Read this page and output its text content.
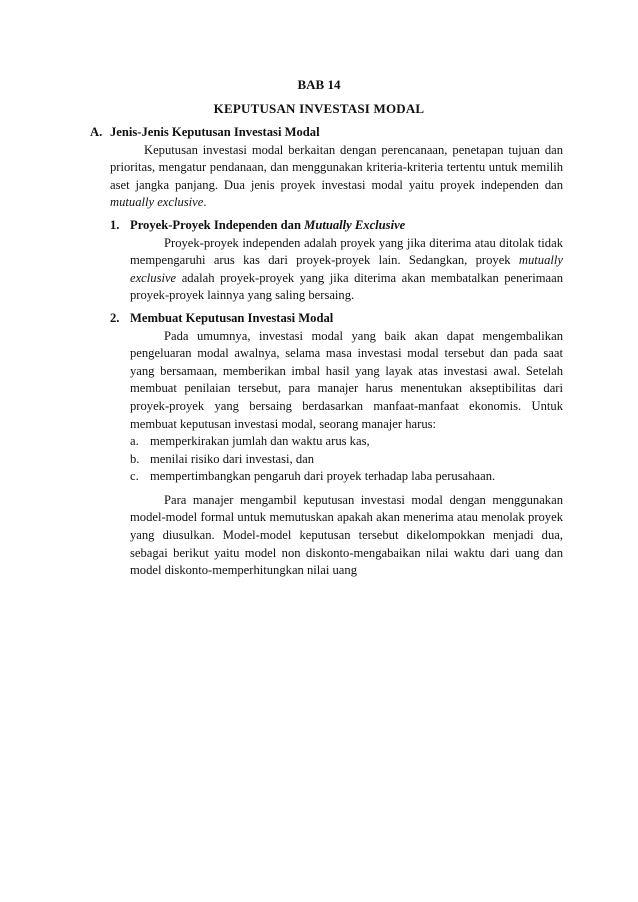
BAB 14
KEPUTUSAN INVESTASI MODAL
A. Jenis-Jenis Keputusan Investasi Modal
Keputusan investasi modal berkaitan dengan perencanaan, penetapan tujuan dan prioritas, mengatur pendanaan, dan menggunakan kriteria-kriteria tertentu untuk memilih aset jangka panjang. Dua jenis proyek investasi modal yaitu proyek independen dan mutually exclusive.
1. Proyek-Proyek Independen dan Mutually Exclusive
Proyek-proyek independen adalah proyek yang jika diterima atau ditolak tidak mempengaruhi arus kas dari proyek-proyek lain. Sedangkan, proyek mutually exclusive adalah proyek-proyek yang jika diterima akan membatalkan penerimaan proyek-proyek lainnya yang saling bersaing.
2. Membuat Keputusan Investasi Modal
Pada umumnya, investasi modal yang baik akan dapat mengembalikan pengeluaran modal awalnya, selama masa investasi modal tersebut dan pada saat yang bersamaan, memberikan imbal hasil yang layak atas investasi awal. Setelah membuat penilaian tersebut, para manajer harus menentukan akseptibilitas dari proyek-proyek yang bersaing berdasarkan manfaat-manfaat ekonomis. Untuk membuat keputusan investasi modal, seorang manajer harus:
a. memperkirakan jumlah dan waktu arus kas,
b. menilai risiko dari investasi, dan
c. mempertimbangkan pengaruh dari proyek terhadap laba perusahaan.
Para manajer mengambil keputusan investasi modal dengan menggunakan model-model formal untuk memutuskan apakah akan menerima atau menolak proyek yang diusulkan. Model-model keputusan tersebut dikelompokkan menjadi dua, sebagai berikut yaitu model non diskonto-mengabaikan nilai waktu dari uang dan model diskonto-memperhitungkan nilai uang
